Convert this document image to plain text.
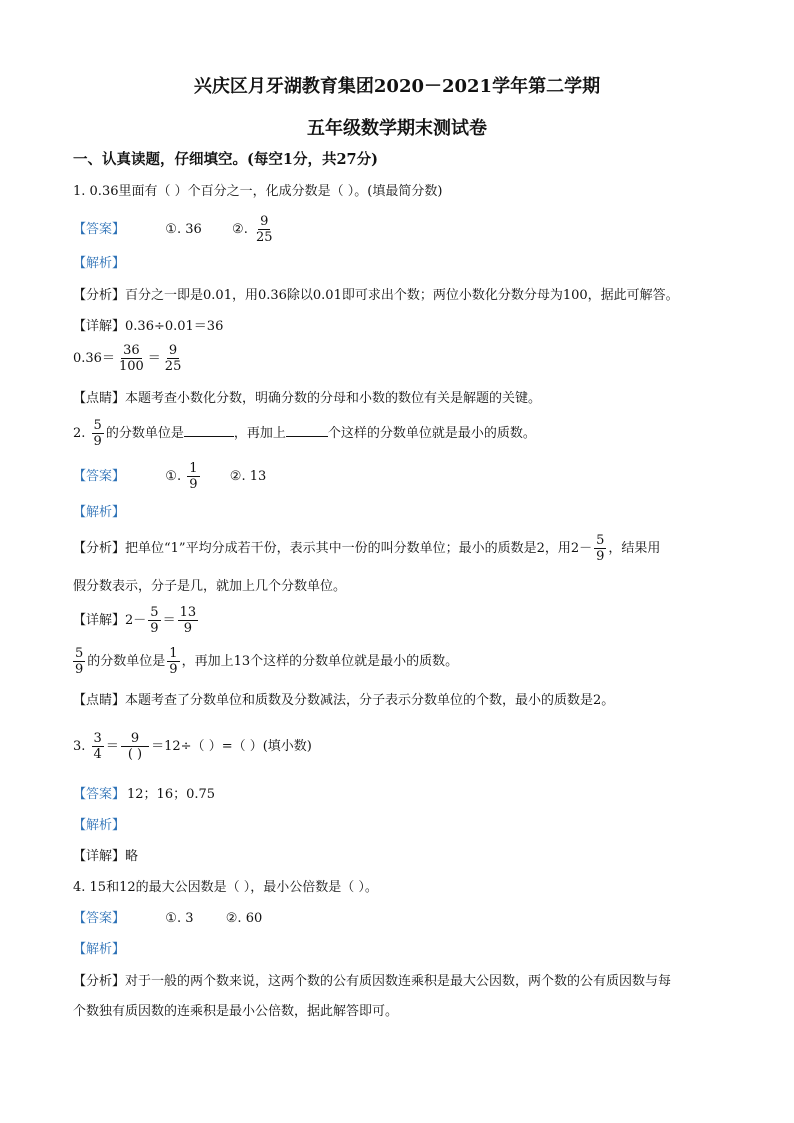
兴庆区月牙湖教育集团2020－2021学年第二学期
五年级数学期末测试卷
一、认真读题，仔细填空。(每空1分，共27分)
1. 0.36里面有（ ）个百分之一，化成分数是（ ）。(填最简分数)
【答案】	①. 36 ②. $\frac{9}{25}$
【解析】
【分析】百分之一即是0.01，用0.36除以0.01即可求出个数；两位小数化分数分母为100，据此可解答。
【详解】0.36÷0.01＝36
$0.36= \frac{36}{100} = \frac{9}{25}$
【点睛】本题考查小数化分数，明确分数的分母和小数的数位有关是解题的关键。
2. $\frac{5}{9}$ 的分数单位是	，再加上	个这样的分数单位就是最小的质数。
【答案】	①. $\frac{1}{9}$ ②. 13
【解析】
【分析】把单位“1”平均分成若干份，表示其中一份的叫分数单位；最小的质数是2，用$2- \frac{5}{9}$ ，结果用
假分数表示，分子是几，就加上几个分数单位。
【详解】$2- \frac{5}{9} = \frac{13}{9}$
$\frac{5}{9}$ 的分数单位是 $\frac{1}{9}$ ，再加上13个这样的分数单位就是最小的质数。
【点睛】本题考查了分数单位和质数及分数减法，分子表示分数单位的个数，最小的质数是2。
3. $\frac{3}{4} = \frac{9}{( )} =12\div$（ ）=（ ）(填小数)
【答案】 12；16；0.75
【解析】
【详解】略
4. 15和12的最大公因数是（ ），最小公倍数是（ ）。
【答案】	①. 3 ②. 60
【解析】
【分析】对于一般的两个数来说，这两个数的公有质因数连乘积是最大公因数，两个数的公有质因数与每
个数独有质因数的连乘积是最小公倍数，据此解答即可。
